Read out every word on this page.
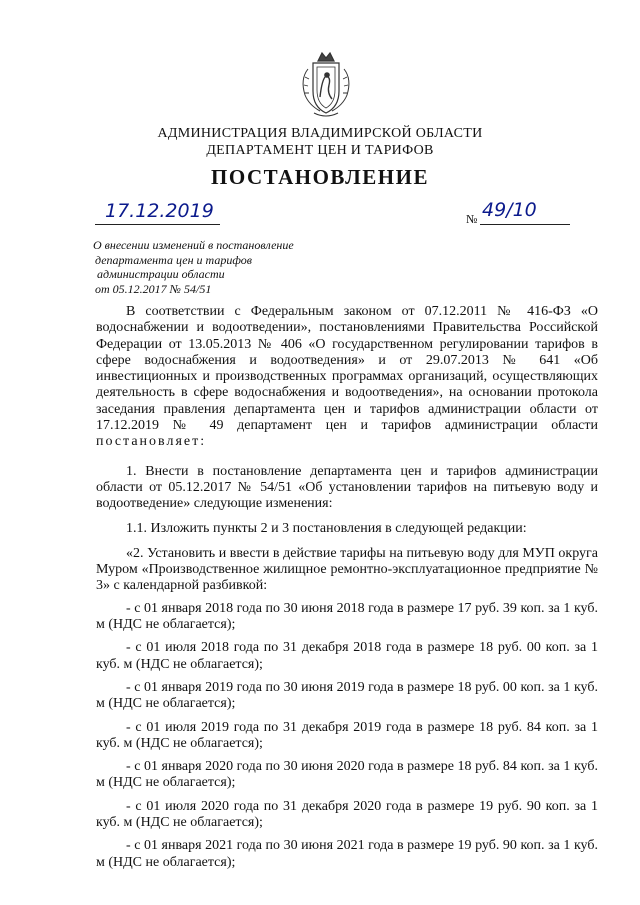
АДМИНИСТРАЦИЯ ВЛАДИМИРСКОЙ ОБЛАСТИ
ДЕПАРТАМЕНТ ЦЕН И ТАРИФОВ
ПОСТАНОВЛЕНИЕ
17.12.2019	№ 49/10
О внесении изменений в постановление
департамента цен и тарифов
администрации области
от 05.12.2017 № 54/51

В соответствии с Федеральным законом от 07.12.2011 № 416-ФЗ «О водоснабжении и водоотведении», постановлениями Правительства Российской Федерации от 13.05.2013 № 406 «О государственном регулировании тарифов в сфере водоснабжения и водоотведения» и от 29.07.2013 № 641 «Об инвестиционных и производственных программах организаций, осуществляющих деятельность в сфере водоснабжения и водоотведения», на основании протокола заседания правления департамента цен и тарифов администрации области от 17.12.2019 № 49 департамент цен и тарифов администрации области постановляет:

1. Внести в постановление департамента цен и тарифов администрации области от 05.12.2017 № 54/51 «Об установлении тарифов на питьевую воду и водоотведение» следующие изменения:

1.1. Изложить пункты 2 и 3 постановления в следующей редакции:

«2. Установить и ввести в действие тарифы на питьевую воду для МУП округа Муром «Производственное жилищное ремонтно-эксплуатационное предприятие № 3» с календарной разбивкой:

- с 01 января 2018 года по 30 июня 2018 года в размере 17 руб. 39 коп. за 1 куб. м (НДС не облагается);

- с 01 июля 2018 года по 31 декабря 2018 года в размере 18 руб. 00 коп. за 1 куб. м (НДС не облагается);

- с 01 января 2019 года по 30 июня 2019 года в размере 18 руб. 00 коп. за 1 куб. м (НДС не облагается);

- с 01 июля 2019 года по 31 декабря 2019 года в размере 18 руб. 84 коп. за 1 куб. м (НДС не облагается);

- с 01 января 2020 года по 30 июня 2020 года в размере 18 руб. 84 коп. за 1 куб. м (НДС не облагается);

- с 01 июля 2020 года по 31 декабря 2020 года в размере 19 руб. 90 коп. за 1 куб. м (НДС не облагается);

- с 01 января 2021 года по 30 июня 2021 года в размере 19 руб. 90 коп. за 1 куб. м (НДС не облагается);
